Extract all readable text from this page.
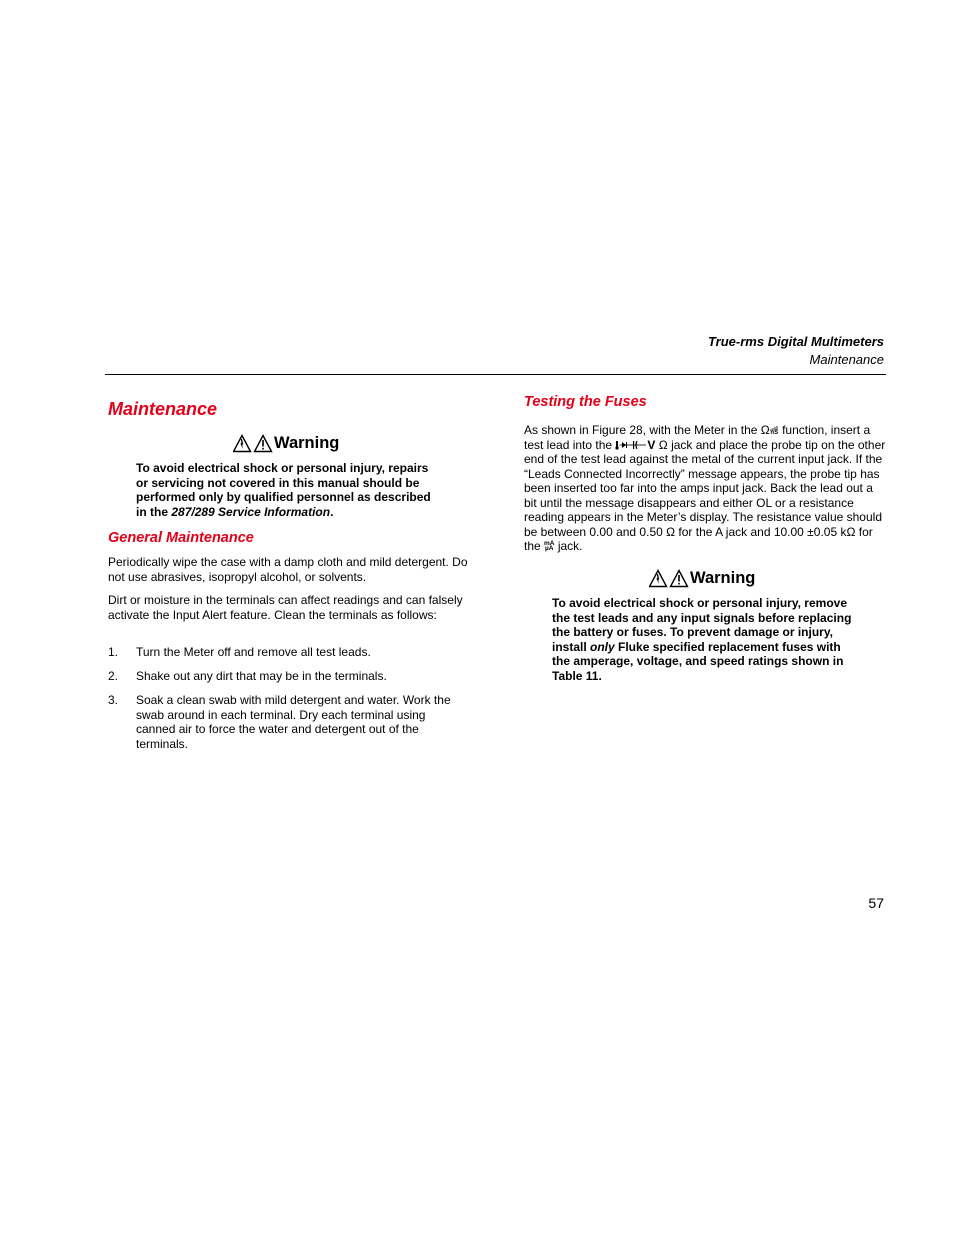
True-rms Digital Multimeters
Maintenance
Maintenance
Warning
To avoid electrical shock or personal injury, repairs or servicing not covered in this manual should be performed only by qualified personnel as described in the 287/289 Service Information.
General Maintenance
Periodically wipe the case with a damp cloth and mild detergent. Do not use abrasives, isopropyl alcohol, or solvents.
Dirt or moisture in the terminals can affect readings and can falsely activate the Input Alert feature. Clean the terminals as follows:
1.	Turn the Meter off and remove all test leads.
2.	Shake out any dirt that may be in the terminals.
3.	Soak a clean swab with mild detergent and water. Work the swab around in each terminal. Dry each terminal using canned air to force the water and detergent out of the terminals.
Testing the Fuses
As shown in Figure 28, with the Meter in the Ω
nS function, insert a test lead into the	V Ω jack and place the probe tip on the other end of the test lead against the metal of the current input jack. If the “Leads Connected Incorrectly” message appears, the probe tip has been inserted too far into the amps input jack. Back the lead out a bit until the message disappears and either OL or a resistance reading appears in the Meter’s display. The resistance value should be between 0.00 and 0.50 Ω for the A jack and 10.00 ±0.05 kΩ for the mA
µA jack.
Warning
To avoid electrical shock or personal injury, remove the test leads and any input signals before replacing the battery or fuses. To prevent damage or injury, install only Fluke specified replacement fuses with the amperage, voltage, and speed ratings shown in Table 11.
57
